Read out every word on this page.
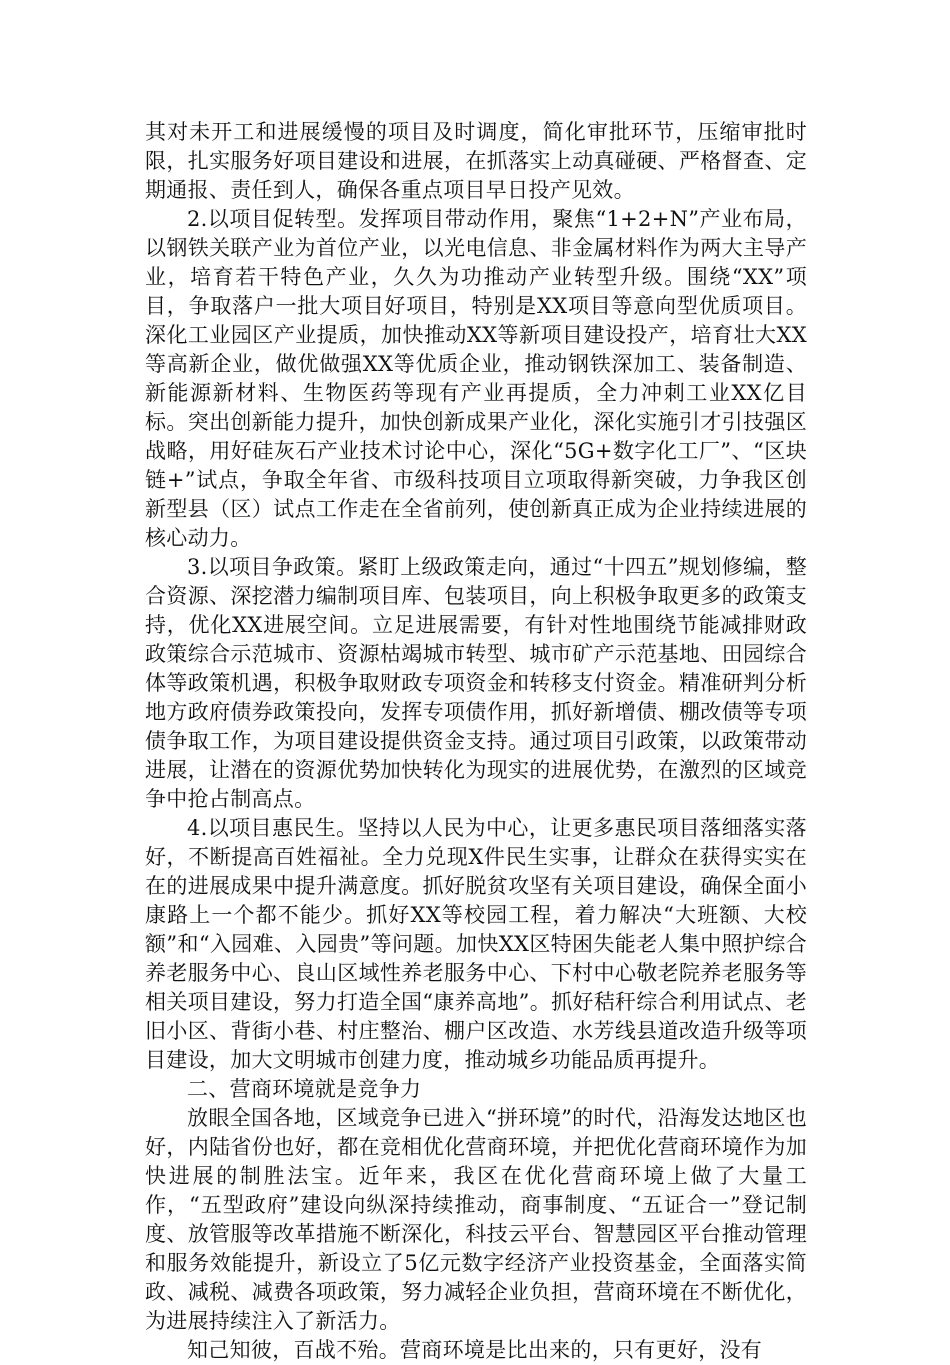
其对未开工和进展缓慢的项目及时调度，简化审批环节，压缩审批时限，扎实服务好项目建设和进展，在抓落实上动真碰硬、严格督查、定期通报、责任到人，确保各重点项目早日投产见效。

2.以项目促转型。发挥项目带动作用，聚焦“1+2+N”产业布局，以钢铁关联产业为首位产业，以光电信息、非金属材料作为两大主导产业，培育若干特色产业，久久为功推动产业转型升级。围绕“XX”项目，争取落户一批大项目好项目，特别是XX项目等意向型优质项目。深化工业园区产业提质，加快推动XX等新项目建设投产，培育壮大XX等高新企业，做优做强XX等优质企业，推动钢铁深加工、装备制造、新能源新材料、生物医药等现有产业再提质，全力冲刺工业XX亿目标。突出创新能力提升，加快创新成果产业化，深化实施引才引技强区战略，用好硅灰石产业技术讨论中心，深化“5G+数字化工厂”、“区块链+”试点，争取全年省、市级科技项目立项取得新突破，力争我区创新型县（区）试点工作走在全省前列，使创新真正成为企业持续进展的核心动力。

3.以项目争政策。紧盯上级政策走向，通过“十四五”规划修编，整合资源、深挖潜力编制项目库、包装项目，向上积极争取更多的政策支持，优化XX进展空间。立足进展需要，有针对性地围绕节能减排财政政策综合示范城市、资源枯竭城市转型、城市矿产示范基地、田园综合体等政策机遇，积极争取财政专项资金和转移支付资金。精准研判分析地方政府债券政策投向，发挥专项债作用，抓好新增债、棚改债等专项债争取工作，为项目建设提供资金支持。通过项目引政策，以政策带动进展，让潜在的资源优势加快转化为现实的进展优势，在激烈的区域竞争中抢占制高点。

4.以项目惠民生。坚持以人民为中心，让更多惠民项目落细落实落好，不断提高百姓福祉。全力兑现X件民生实事，让群众在获得实实在在的进展成果中提升满意度。抓好脱贫攻坚有关项目建设，确保全面小康路上一个都不能少。抓好XX等校园工程，着力解决“大班额、大校额”和“入园难、入园贵”等问题。加快XX区特困失能老人集中照护综合养老服务中心、良山区域性养老服务中心、下村中心敬老院养老服务等相关项目建设，努力打造全国“康养高地”。抓好秸秆综合利用试点、老旧小区、背街小巷、村庄整治、棚户区改造、水芳线县道改造升级等项目建设，加大文明城市创建力度，推动城乡功能品质再提升。

二、营商环境就是竞争力

放眼全国各地，区域竞争已进入“拼环境”的时代，沿海发达地区也好，内陆省份也好，都在竞相优化营商环境，并把优化营商环境作为加快进展的制胜法宝。近年来，我区在优化营商环境上做了大量工作，“五型政府”建设向纵深持续推动，商事制度、“五证合一”登记制度、放管服等改革措施不断深化，科技云平台、智慧园区平台推动管理和服务效能提升，新设立了5亿元数字经济产业投资基金，全面落实简政、减税、减费各项政策，努力减轻企业负担，营商环境在不断优化，为进展持续注入了新活力。

知己知彼，百战不殆。营商环境是比出来的，只有更好，没有
